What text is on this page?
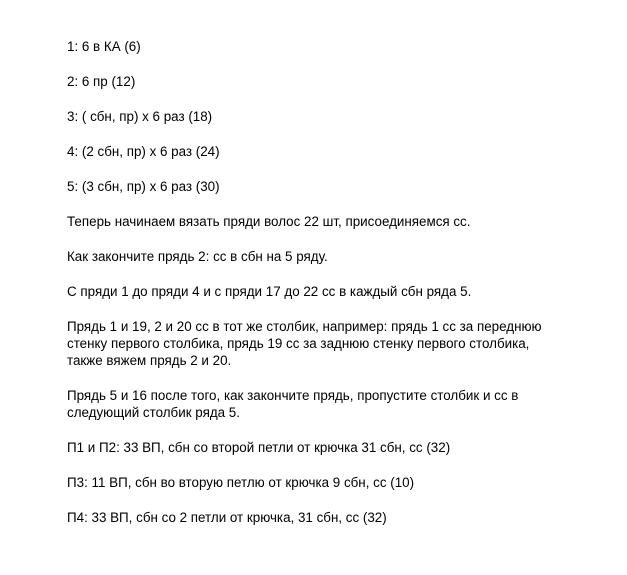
1: 6 в КА (6)

2: 6 пр (12)

3: ( сбн, пр) х 6 раз (18)

4: (2 сбн, пр) х 6 раз (24)

5: (3 сбн, пр) х 6 раз (30)

Теперь начинаем вязать пряди волос 22 шт, присоединяемся сс.

Как закончите прядь 2: сс в сбн на 5 ряду.

С пряди 1 до пряди 4 и с пряди 17 до 22 сс в каждый сбн ряда 5.

Прядь 1 и 19, 2 и 20 сс в тот же столбик, например: прядь 1 сс за переднюю

стенку первого столбика, прядь 19 сс за заднюю стенку первого столбика,

также вяжем прядь 2 и 20.

Прядь 5 и 16 после того, как закончите прядь, пропустите столбик и сс в

следующий столбик ряда 5.

П1 и П2: 33 ВП, сбн со второй петли от крючка 31 сбн, сс (32)

П3: 11 ВП, сбн во вторую петлю от крючка 9 сбн, сс (10)

П4: 33 ВП, сбн со 2 петли от крючка, 31 сбн, сс (32)
